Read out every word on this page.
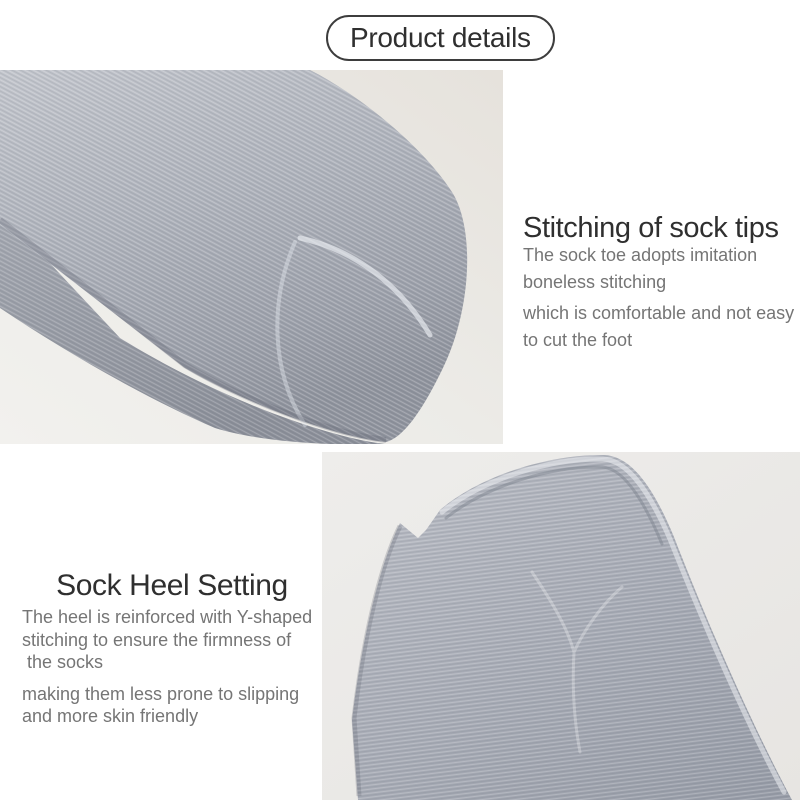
Product details
Stitching of sock tips
The sock toe adopts imitation
boneless stitching
which is comfortable and not easy
to cut the foot
Sock Heel Setting
The heel is reinforced with Y-shaped
stitching to ensure the firmness of
the socks
making them less prone to slipping
and more skin friendly
